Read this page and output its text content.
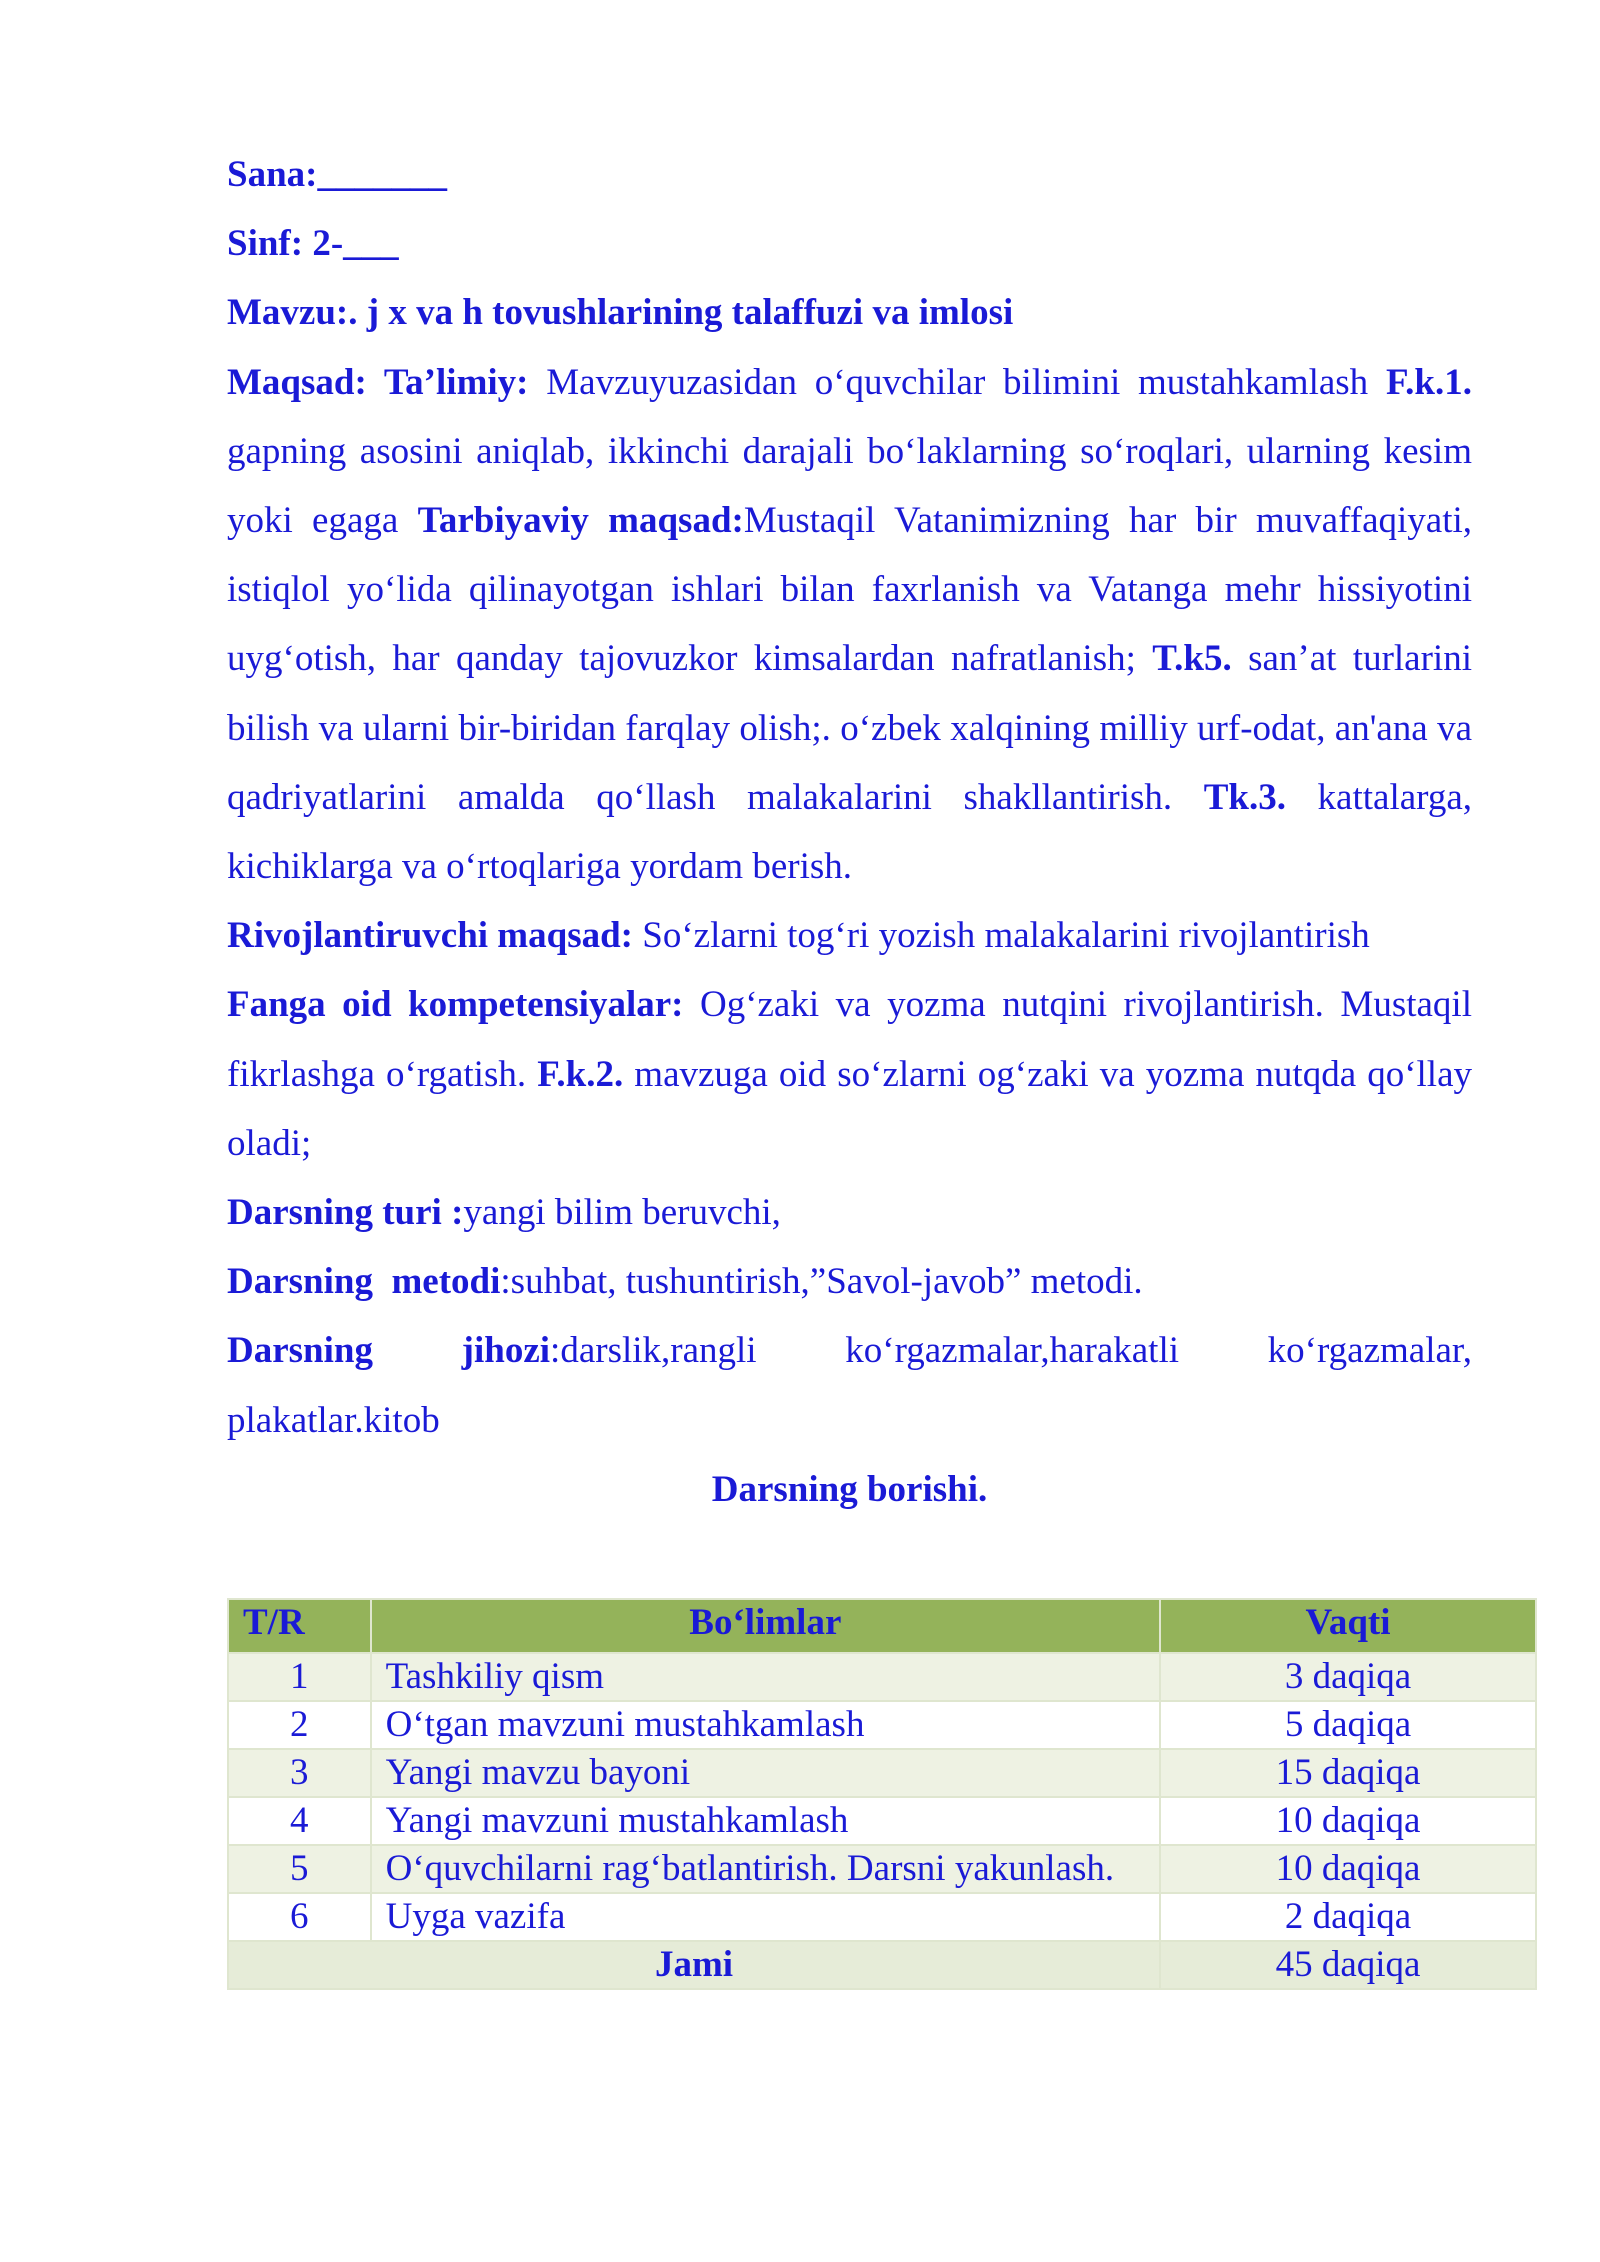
Sana:_______

Sinf: 2-___

Mavzu:. j x va h tovushlarining talaffuzi va imlosi

Maqsad: Ta’limiy: Mavzuyuzasidan o‘quvchilar bilimini mustahkamlash F.k.1. gapning asosini aniqlab, ikkinchi darajali bo‘laklarning so‘roqlari, ularning kesim yoki egaga Tarbiyaviy maqsad:Mustaqil Vatanimizning har bir muvaffaqiyati, istiqlol yo‘lida qilinayotgan ishlari bilan faxrlanish va Vatanga mehr hissiyotini uyg‘otish, har qanday tajovuzkor kimsalardan nafratlanish; T.k5. san’at turlarini bilish va ularni bir-biridan farqlay olish;. o‘zbek xalqining milliy urf-odat, an'ana va qadriyatlarini amalda qo‘llash malakalarini shakllantirish. Tk.3. kattalarga, kichiklarga va o‘rtoqlariga yordam berish.

Rivojlantiruvchi maqsad: So‘zlarni tog‘ri yozish malakalarini rivojlantirish

Fanga oid kompetensiyalar: Og‘zaki va yozma nutqini rivojlantirish. Mustaqil fikrlashga o‘rgatish. F.k.2. mavzuga oid so‘zlarni og‘zaki va yozma nutqda qo‘llay oladi;

Darsning turi :yangi bilim beruvchi,

Darsning  metodi:suhbat, tushuntirish,”Savol-javob” metodi.

Darsning jihozi:darslik,rangli ko‘rgazmalar,harakatli ko‘rgazmalar,

plakatlar.kitob

Darsning borishi.

T/R	Bo‘limlar	Vaqti
1	Tashkiliy qism	3 daqiqa
2	O‘tgan mavzuni mustahkamlash	5 daqiqa
3	Yangi mavzu bayoni	15 daqiqa
4	Yangi mavzuni mustahkamlash	10 daqiqa
5	O‘quvchilarni rag‘batlantirish. Darsni yakunlash.	10 daqiqa
6	Uyga vazifa	2 daqiqa
Jami		45 daqiqa
